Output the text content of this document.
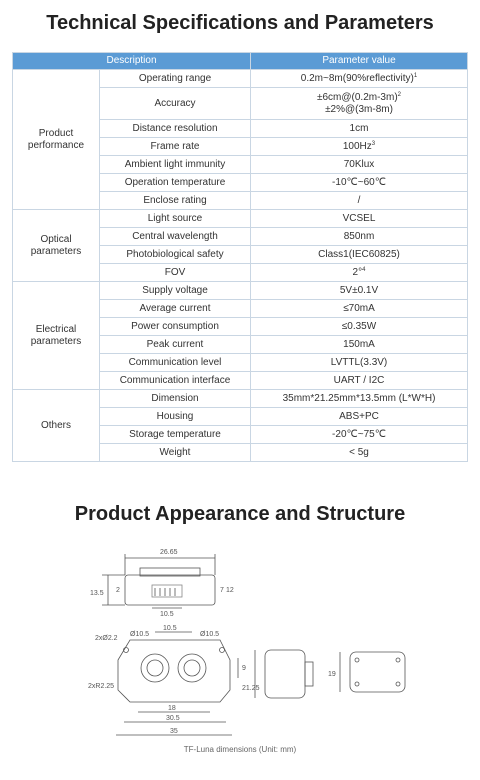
Technical Specifications and Parameters
Description		Parameter value
Product
performance	Operating range	0.2m~8m(90%reflectivity)$^1$
	Accuracy	$\pm 6cm@(0.2m-3m)^2$
±2%@(3m-8m)
	Distance resolution	1cm
	Frame rate	100Hz$^3$
	Ambient light immunity	70Klux
	Operation temperature	-10℃~60℃
	Enclose rating	/
Optical
parameters	Light source	VCSEL
	Central wavelength	850nm
	Photobiological safety	Class1(IEC60825)
	FOV	2°$^4$
Electrical
parameters	Supply voltage	5V±0.1V
	Average current	≤70mA
	Power consumption	≤0.35W
	Peak current	150mA
	Communication level	LVTTL(3.3V)
	Communication interface	UART / I2C
Others	Dimension	35mm*21.25mm*13.5mm (L*W*H)
	Housing	ABS+PC
	Storage temperature	-20℃~75℃
	Weight	< 5g
Product Appearance and Structure
26.65
13.5 2	7 12
10.5
10.5
2xØ2.2
Ø10.5	Ø10.5
2xR2.25
9
18
30.5
35
21.25
19
TF-Luna dimensions (Unit: mm)
